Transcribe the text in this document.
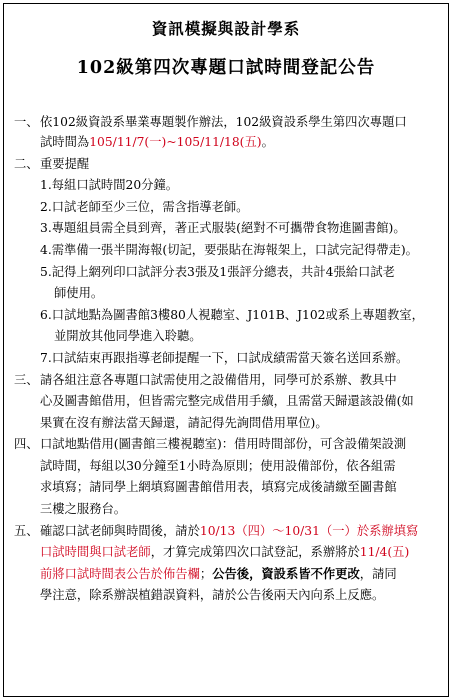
資訊模擬與設計學系
102級第四次專題口試時間登記公告
一、 依102級資設系畢業專題製作辦法，102級資設系學生第四次專題口
試時間為105/11/7(一)~105/11/18(五)。
二、 重要提醒
1.每組口試時間20分鐘。
2.口試老師至少三位，需含指導老師。
3.專題組員需全員到齊，著正式服裝(絕對不可攜帶食物進圖書館)。
4.需準備一張半開海報(切記，要張貼在海報架上，口試完記得帶走)。
5.記得上網列印口試評分表3張及1張評分總表，共計4張給口試老
師使用。
6.口試地點為圖書館3樓80人視聽室、J101B、J102或系上專題教室，
並開放其他同學進入聆聽。
7.口試結束再跟指導老師提醒一下，口試成績需當天簽名送回系辦。
三、 請各組注意各專題口試需使用之設備借用，同學可於系辦、教具中
心及圖書館借用，但皆需完整完成借用手續，且需當天歸還該設備(如
果實在沒有辦法當天歸還，請記得先詢問借用單位)。
四、 口試地點借用(圖書館三樓視聽室)：借用時間部份，可含設備架設測
試時間，每組以30分鐘至1小時為原則；使用設備部份，依各組需
求填寫；請同學上網填寫圖書館借用表，填寫完成後請繳至圖書館
三樓之服務台。
五、 確認口試老師與時間後，請於10/13（四）～10/31（一）於系辦填寫
口試時間與口試老師，才算完成第四次口試登記，系辦將於11/4(五)
前將口試時間表公告於佈告欄；公告後，資設系皆不作更改，請同
學注意，除系辦誤植錯誤資料，請於公告後兩天內向系上反應。
